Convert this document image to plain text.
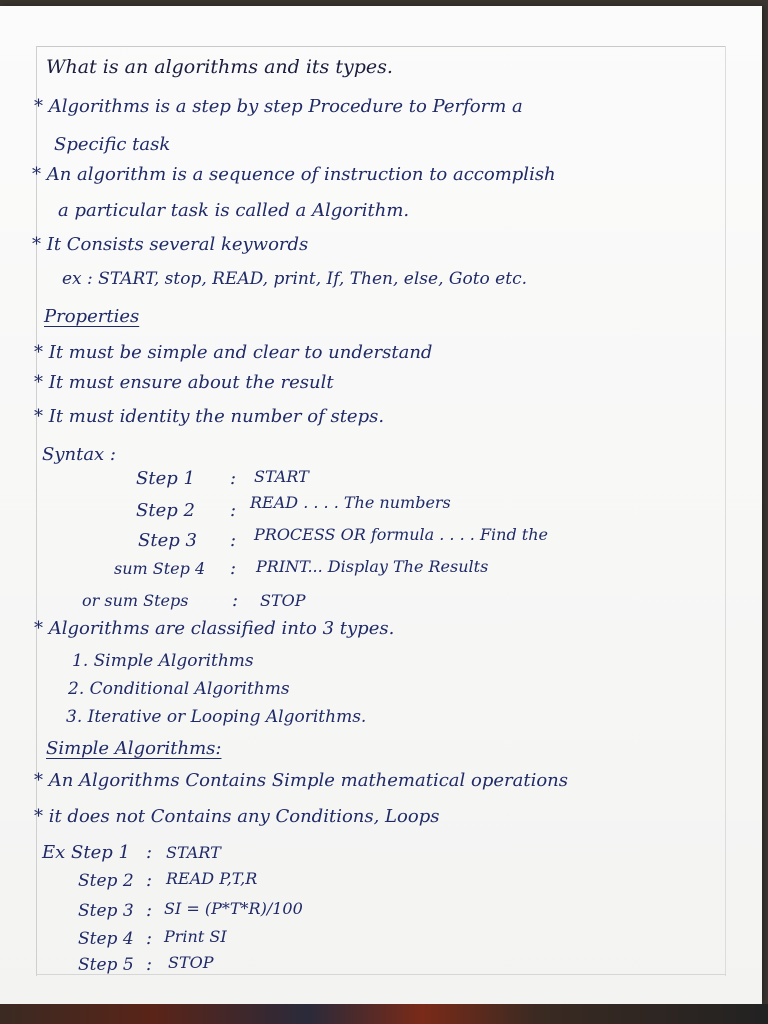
What is an algorithms and its types.
* Algorithms is a step by step Procedure to Perform a
Specific task
* An algorithm is a sequence of instruction to accomplish
a particular task is called a Algorithm.
* It Consists several keywords
ex : START, stop, READ, print, If, Then, else, Goto etc.
Properties
* It must be simple and clear to understand
* It must ensure about the result
* It must identity the number of steps.
Syntax :
Step 1 : START
Step 2 : READ . . . . The numbers
Step 3 : PROCESS OR formula . . . . Find the
sum Step 4 : PRINT... Display The Results
or sum Steps : STOP
* Algorithms are classified into 3 types.
1. Simple Algorithms
2. Conditional Algorithms
3. Iterative or Looping Algorithms.
Simple Algorithms:
* An Algorithms Contains Simple mathematical operations
* it does not Contains any Conditions, Loops
Ex Step 1 : START
Step 2 : READ P,T,R
Step 3 : SI = (P*T*R)/100
Step 4 : Print SI
Step 5 : STOP
